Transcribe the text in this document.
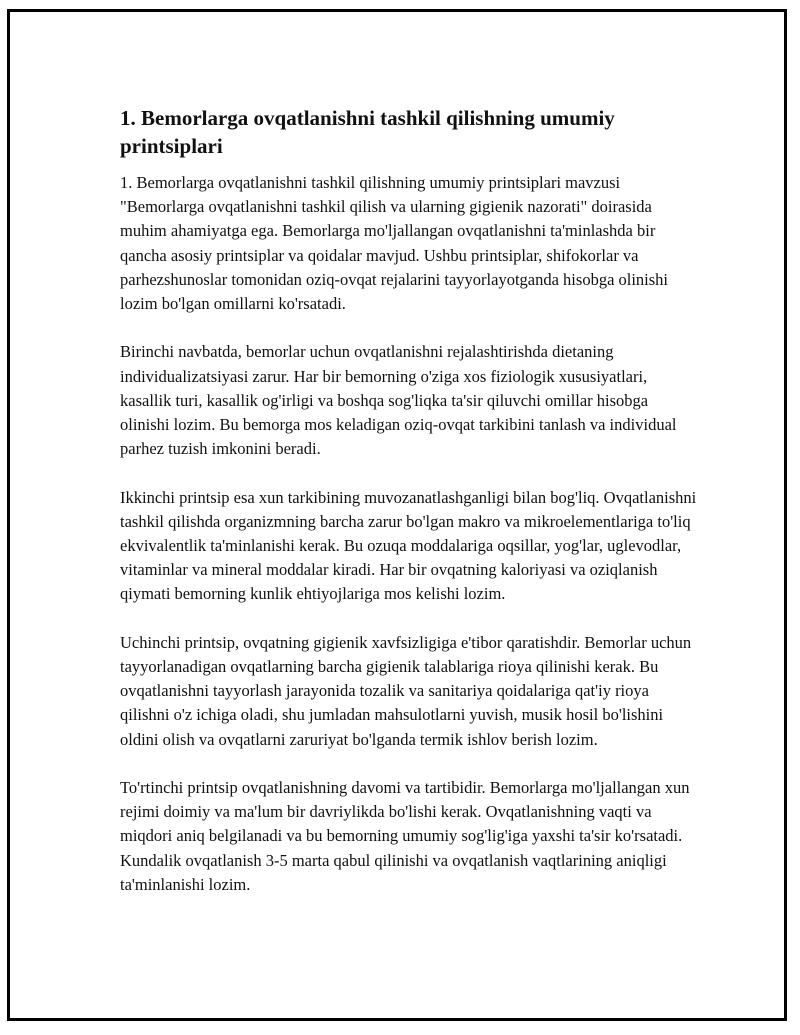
1. Bemorlarga ovqatlanishni tashkil qilishning umumiy printsiplari

1. Bemorlarga ovqatlanishni tashkil qilishning umumiy printsiplari mavzusi "Bemorlarga ovqatlanishni tashkil qilish va ularning gigienik nazorati" doirasida muhim ahamiyatga ega. Bemorlarga mo'ljallangan ovqatlanishni ta'minlashda bir qancha asosiy printsiplar va qoidalar mavjud. Ushbu printsiplar, shifokorlar va parhezshunoslar tomonidan oziq-ovqat rejalarini tayyorlayotganda hisobga olinishi lozim bo'lgan omillarni ko'rsatadi.

Birinchi navbatda, bemorlar uchun ovqatlanishni rejalashtirishda dietaning individualizatsiyasi zarur. Har bir bemorning o'ziga xos fiziologik xususiyatlari, kasallik turi, kasallik og'irligi va boshqa sog'liqka ta'sir qiluvchi omillar hisobga olinishi lozim. Bu bemorga mos keladigan oziq-ovqat tarkibini tanlash va individual parhez tuzish imkonini beradi.

Ikkinchi printsip esa xun tarkibining muvozanatlashganligi bilan bog'liq. Ovqatlanishni tashkil qilishda organizmning barcha zarur bo'lgan makro va mikroelementlariga to'liq ekvivalentlik ta'minlanishi kerak. Bu ozuqa moddalariga oqsillar, yog'lar, uglevodlar, vitaminlar va mineral moddalar kiradi. Har bir ovqatning kaloriyasi va oziqlanish qiymati bemorning kunlik ehtiyojlariga mos kelishi lozim.

Uchinchi printsip, ovqatning gigienik xavfsizligiga e'tibor qaratishdir. Bemorlar uchun tayyorlanadigan ovqatlarning barcha gigienik talablariga rioya qilinishi kerak. Bu ovqatlanishni tayyorlash jarayonida tozalik va sanitariya qoidalariga qat'iy rioya qilishni o'z ichiga oladi, shu jumladan mahsulotlarni yuvish, musik hosil bo'lishini oldini olish va ovqatlarni zaruriyat bo'lganda termik ishlov berish lozim.

To'rtinchi printsip ovqatlanishning davomi va tartibidir. Bemorlarga mo'ljallangan xun rejimi doimiy va ma'lum bir davriylikda bo'lishi kerak. Ovqatlanishning vaqti va miqdori aniq belgilanadi va bu bemorning umumiy sog'lig'iga yaxshi ta'sir ko'rsatadi. Kundalik ovqatlanish 3-5 marta qabul qilinishi va ovqatlanish vaqtlarining aniqligi ta'minlanishi lozim.
